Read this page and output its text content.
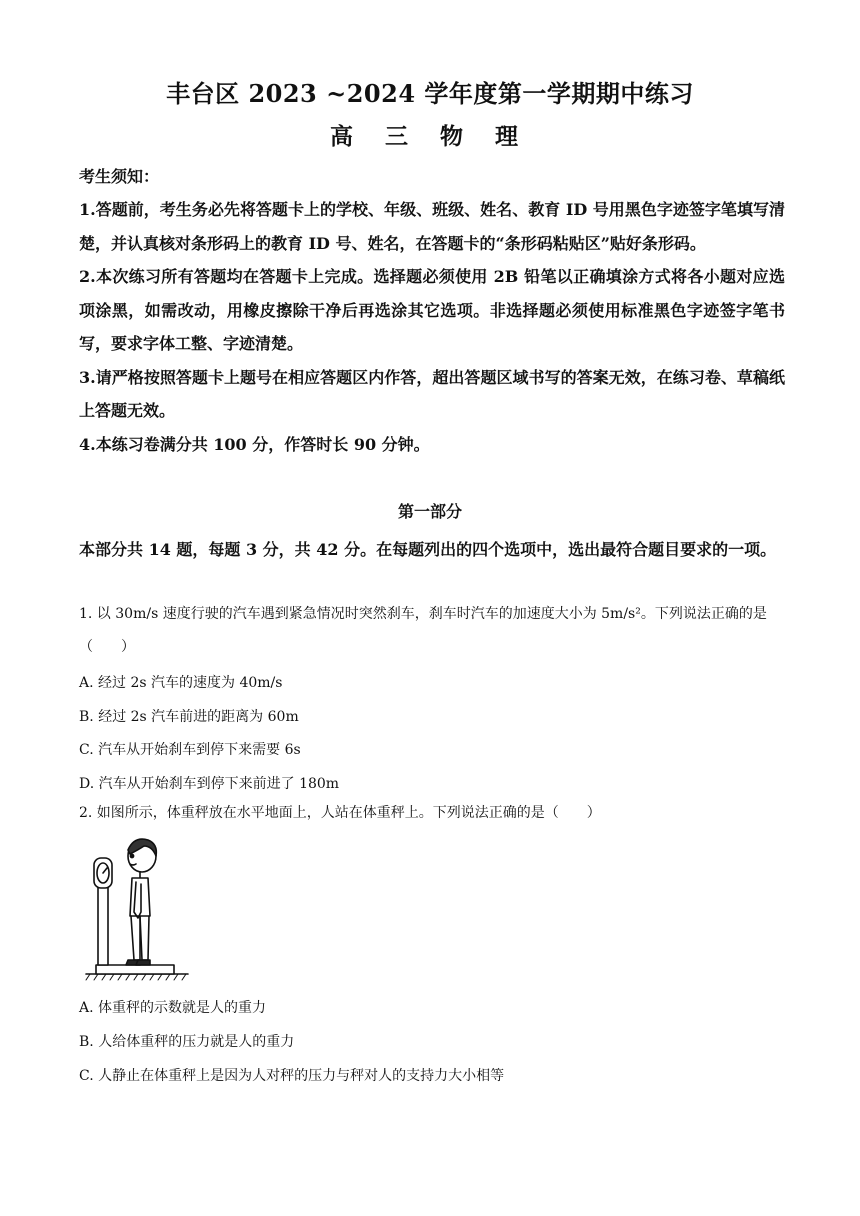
丰台区 2023 ~2024 学年度第一学期期中练习
高 三 物 理
考生须知：

1.答题前，考生务必先将答题卡上的学校、年级、班级、姓名、教育 ID 号用黑色字迹签字笔填写清楚，并认真核对条形码上的教育 ID 号、姓名，在答题卡的“条形码粘贴区”贴好条形码。

2.本次练习所有答题均在答题卡上完成。选择题必须使用 2B 铅笔以正确填涂方式将各小题对应选项涂黑，如需改动，用橡皮擦除干净后再选涂其它选项。非选择题必须使用标准黑色字迹签字笔书写，要求字体工整、字迹清楚。

3.请严格按照答题卡上题号在相应答题区内作答，超出答题区域书写的答案无效，在练习卷、草稿纸上答题无效。

4.本练习卷满分共 100 分，作答时长 90 分钟。

第一部分
本部分共 14 题，每题 3 分，共 42 分。在每题列出的四个选项中，选出最符合题目要求的一项。
1. 以 30m/s 速度行驶的汽车遇到紧急情况时突然刹车，刹车时汽车的加速度大小为 5m/s²。下列说法正确的是（　　）
A. 经过 2s 汽车的速度为 40m/s
B. 经过 2s 汽车前进的距离为 60m
C. 汽车从开始刹车到停下来需要 6s
D. 汽车从开始刹车到停下来前进了 180m
2. 如图所示，体重秤放在水平地面上，人站在体重秤上。下列说法正确的是（　　）
A. 体重秤的示数就是人的重力
B. 人给体重秤的压力就是人的重力
C. 人静止在体重秤上是因为人对秤的压力与秤对人的支持力大小相等
